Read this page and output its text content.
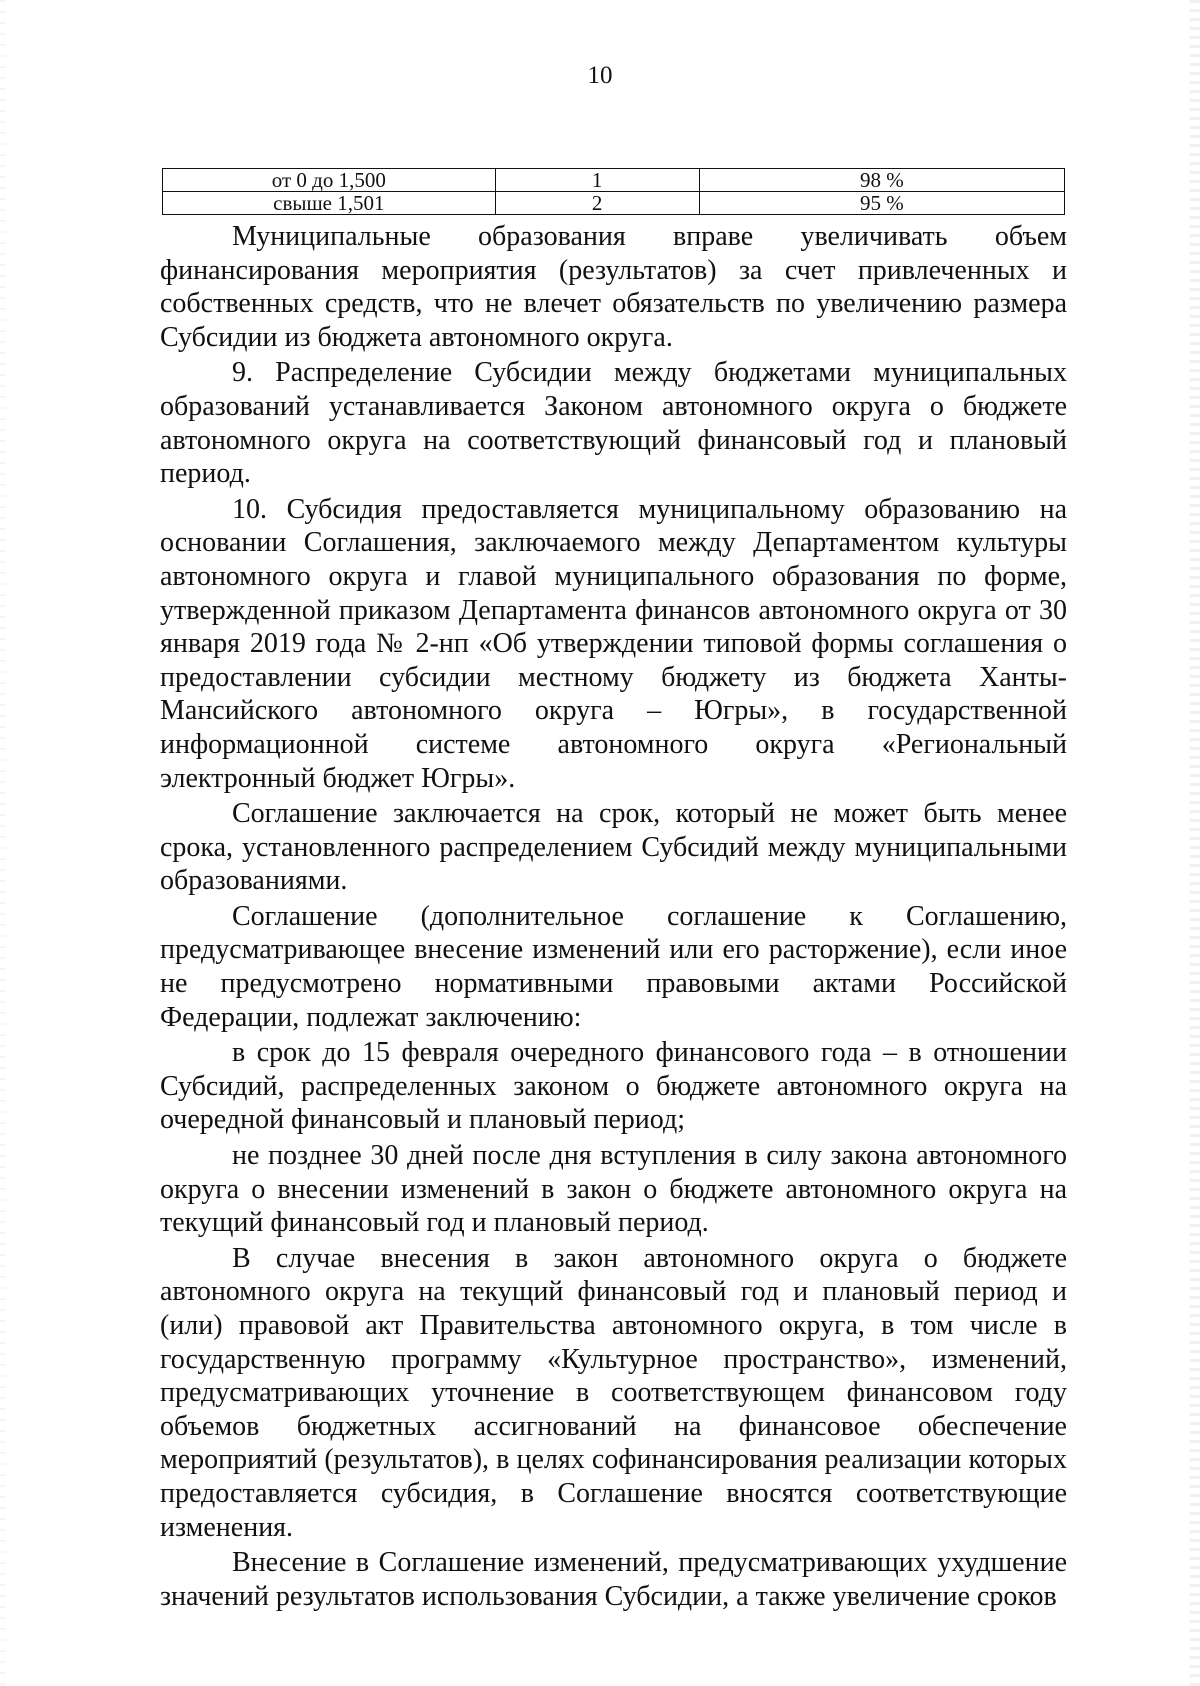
10
от 0 до 1,500	1	98 %
свыше 1,501	2	95 %

Муниципальные образования вправе увеличивать объем финансирования мероприятия (результатов) за счет привлеченных и собственных средств, что не влечет обязательств по увеличению размера Субсидии из бюджета автономного округа.

9. Распределение Субсидии между бюджетами муниципальных образований устанавливается Законом автономного округа о бюджете автономного округа на соответствующий финансовый год и плановый период.

10. Субсидия предоставляется муниципальному образованию на основании Соглашения, заключаемого между Департаментом культуры автономного округа и главой муниципального образования по форме, утвержденной приказом Департамента финансов автономного округа от 30 января 2019 года № 2-нп «Об утверждении типовой формы соглашения о предоставлении субсидии местному бюджету из бюджета Ханты-Мансийского автономного округа – Югры», в государственной информационной системе автономного округа «Региональный электронный бюджет Югры».

Соглашение заключается на срок, который не может быть менее срока, установленного распределением Субсидий между муниципальными образованиями.

Соглашение (дополнительное соглашение к Соглашению, предусматривающее внесение изменений или его расторжение), если иное не предусмотрено нормативными правовыми актами Российской Федерации, подлежат заключению:

в срок до 15 февраля очередного финансового года – в отношении Субсидий, распределенных законом о бюджете автономного округа на очередной финансовый и плановый период;

не позднее 30 дней после дня вступления в силу закона автономного округа о внесении изменений в закон о бюджете автономного округа на текущий финансовый год и плановый период.

В случае внесения в закон автономного округа о бюджете автономного округа на текущий финансовый год и плановый период и (или) правовой акт Правительства автономного округа, в том числе в государственную программу «Культурное пространство», изменений, предусматривающих уточнение в соответствующем финансовом году объемов бюджетных ассигнований на финансовое обеспечение мероприятий (результатов), в целях софинансирования реализации которых предоставляется субсидия, в Соглашение вносятся соответствующие изменения.

Внесение в Соглашение изменений, предусматривающих ухудшение значений результатов использования Субсидии, а также увеличение сроков
